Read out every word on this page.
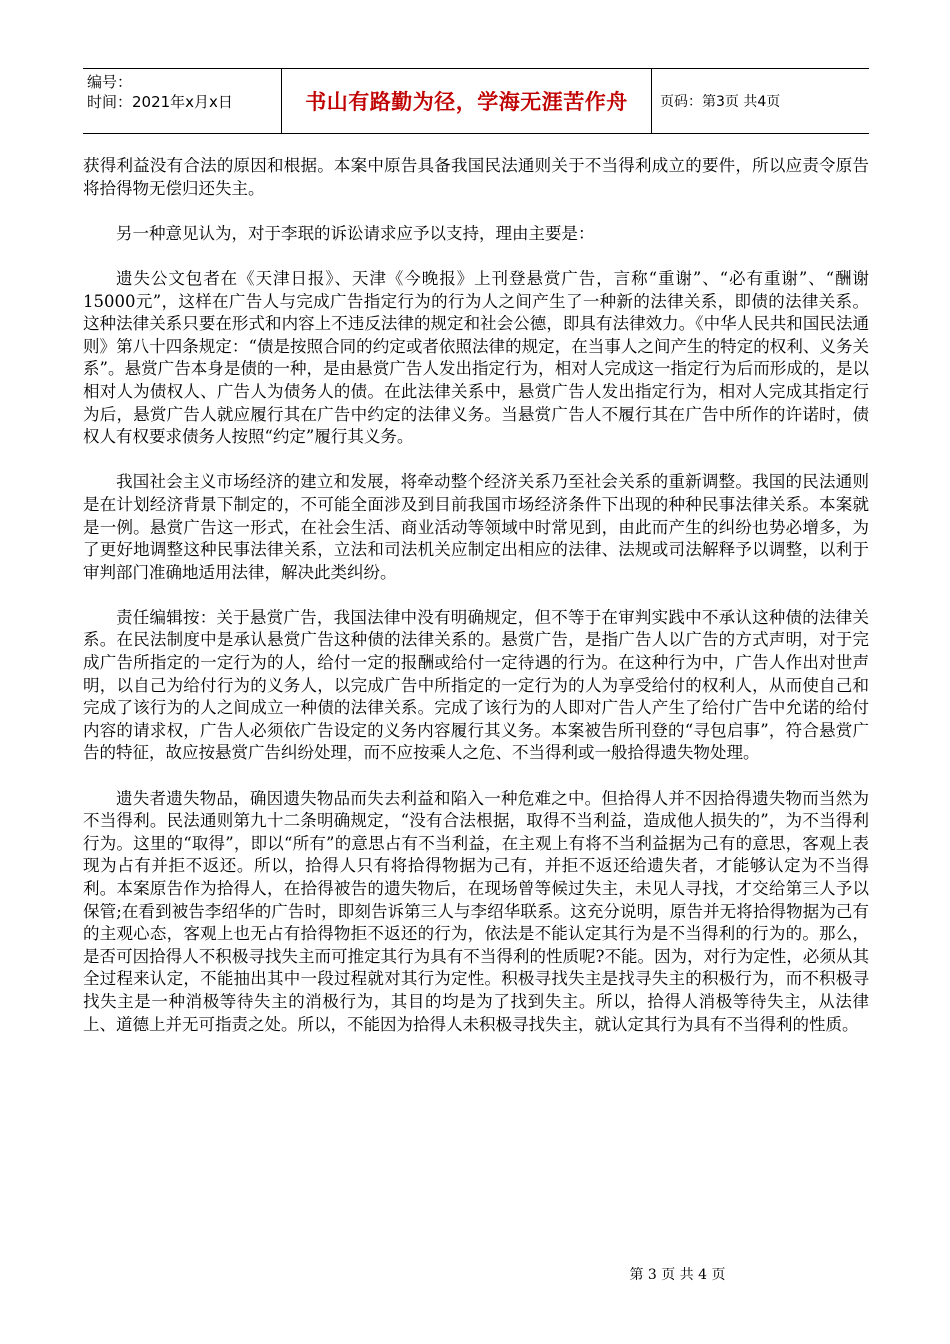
编号：
时间：2021年x月x日	书山有路勤为径，学海无涯苦作舟	页码：第3页 共4页

获得利益没有合法的原因和根据。本案中原告具备我国民法通则关于不当得利成立的要件，所以应责令原告将拾得物无偿归还失主。

另一种意见认为，对于李珉的诉讼请求应予以支持，理由主要是：

遗失公文包者在《天津日报》、天津《今晚报》上刊登悬赏广告，言称“重谢”、“必有重谢”、“酬谢15000元”，这样在广告人与完成广告指定行为的行为人之间产生了一种新的法律关系，即债的法律关系。这种法律关系只要在形式和内容上不违反法律的规定和社会公德，即具有法律效力。《中华人民共和国民法通则》第八十四条规定：“债是按照合同的约定或者依照法律的规定，在当事人之间产生的特定的权利、义务关系”。悬赏广告本身是债的一种，是由悬赏广告人发出指定行为，相对人完成这一指定行为后而形成的，是以相对人为债权人、广告人为债务人的债。在此法律关系中，悬赏广告人发出指定行为，相对人完成其指定行为后，悬赏广告人就应履行其在广告中约定的法律义务。当悬赏广告人不履行其在广告中所作的许诺时，债权人有权要求债务人按照“约定”履行其义务。

我国社会主义市场经济的建立和发展，将牵动整个经济关系乃至社会关系的重新调整。我国的民法通则是在计划经济背景下制定的，不可能全面涉及到目前我国市场经济条件下出现的种种民事法律关系。本案就是一例。悬赏广告这一形式，在社会生活、商业活动等领域中时常见到，由此而产生的纠纷也势必增多，为了更好地调整这种民事法律关系，立法和司法机关应制定出相应的法律、法规或司法解释予以调整，以利于审判部门准确地适用法律，解决此类纠纷。

责任编辑按：关于悬赏广告，我国法律中没有明确规定，但不等于在审判实践中不承认这种债的法律关系。在民法制度中是承认悬赏广告这种债的法律关系的。悬赏广告，是指广告人以广告的方式声明，对于完成广告所指定的一定行为的人，给付一定的报酬或给付一定待遇的行为。在这种行为中，广告人作出对世声明，以自己为给付行为的义务人，以完成广告中所指定的一定行为的人为享受给付的权利人，从而使自己和完成了该行为的人之间成立一种债的法律关系。完成了该行为的人即对广告人产生了给付广告中允诺的给付内容的请求权，广告人必须依广告设定的义务内容履行其义务。本案被告所刊登的“寻包启事”，符合悬赏广告的特征，故应按悬赏广告纠纷处理，而不应按乘人之危、不当得利或一般拾得遗失物处理。

遗失者遗失物品，确因遗失物品而失去利益和陷入一种危难之中。但拾得人并不因拾得遗失物而当然为不当得利。民法通则第九十二条明确规定，“没有合法根据，取得不当利益，造成他人损失的”，为不当得利行为。这里的“取得”，即以“所有”的意思占有不当利益，在主观上有将不当利益据为己有的意思，客观上表现为占有并拒不返还。所以，拾得人只有将拾得物据为己有，并拒不返还给遗失者，才能够认定为不当得利。本案原告作为拾得人，在拾得被告的遗失物后，在现场曾等候过失主，未见人寻找，才交给第三人予以保管;在看到被告李绍华的广告时，即刻告诉第三人与李绍华联系。这充分说明，原告并无将拾得物据为己有的主观心态，客观上也无占有拾得物拒不返还的行为，依法是不能认定其行为是不当得利的行为的。那么，是否可因拾得人不积极寻找失主而可推定其行为具有不当得利的性质呢?不能。因为，对行为定性，必须从其全过程来认定，不能抽出其中一段过程就对其行为定性。积极寻找失主是找寻失主的积极行为，而不积极寻找失主是一种消极等待失主的消极行为，其目的均是为了找到失主。所以，拾得人消极等待失主，从法律上、道德上并无可指责之处。所以，不能因为拾得人未积极寻找失主，就认定其行为具有不当得利的性质。

第 3 页 共 4 页
